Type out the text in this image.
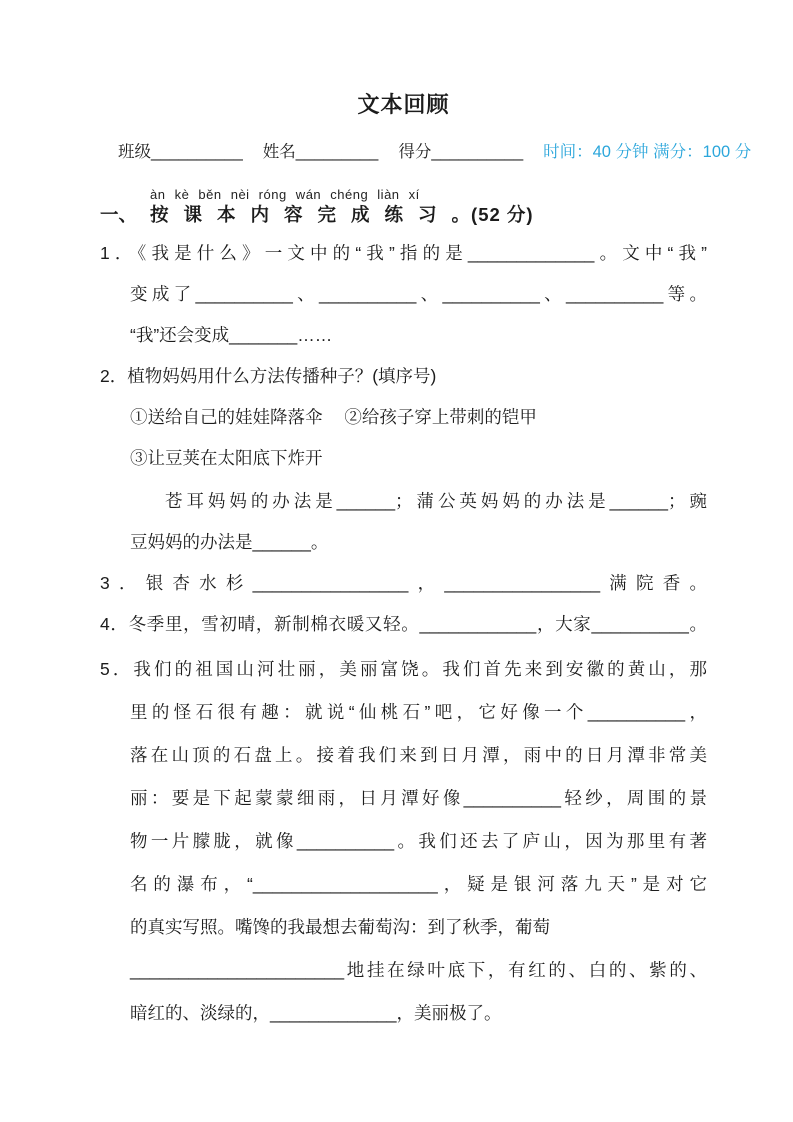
文本回顾
班级__________ 姓名_________ 得分__________ 时间：40 分钟 满分：100 分
àn kè běn nèi róng wán chéng liàn xí
一、 按课本内容完成练习。(52 分)
1．《我是什么》一文中的“我”指的是_____________。文中“我”
变成了__________、__________、__________、__________等。
“我”还会变成_______……
2．植物妈妈用什么方法传播种子？(填序号)
①送给自己的娃娃降落伞　 ②给孩子穿上带刺的铠甲
③让豆荚在太阳底下炸开
苍耳妈妈的办法是______；蒲公英妈妈的办法是______；豌
豆妈妈的办法是______。
3．银杏水杉________________，________________满院香。
4．冬季里，雪初晴，新制棉衣暖又轻。____________，大家__________。
5．我们的祖国山河壮丽，美丽富饶。我们首先来到安徽的黄山，那
里的怪石很有趣：就说“仙桃石”吧，它好像一个__________，
落在山顶的石盘上。接着我们来到日月潭，雨中的日月潭非常美
丽：要是下起蒙蒙细雨，日月潭好像__________轻纱，周围的景
物一片朦胧，就像__________。我们还去了庐山，因为那里有著
名的瀑布，“___________________，疑是银河落九天”是对它
的真实写照。嘴馋的我最想去葡萄沟：到了秋季，葡萄
______________________地挂在绿叶底下，有红的、白的、紫的、
暗红的、淡绿的，_____________，美丽极了。
